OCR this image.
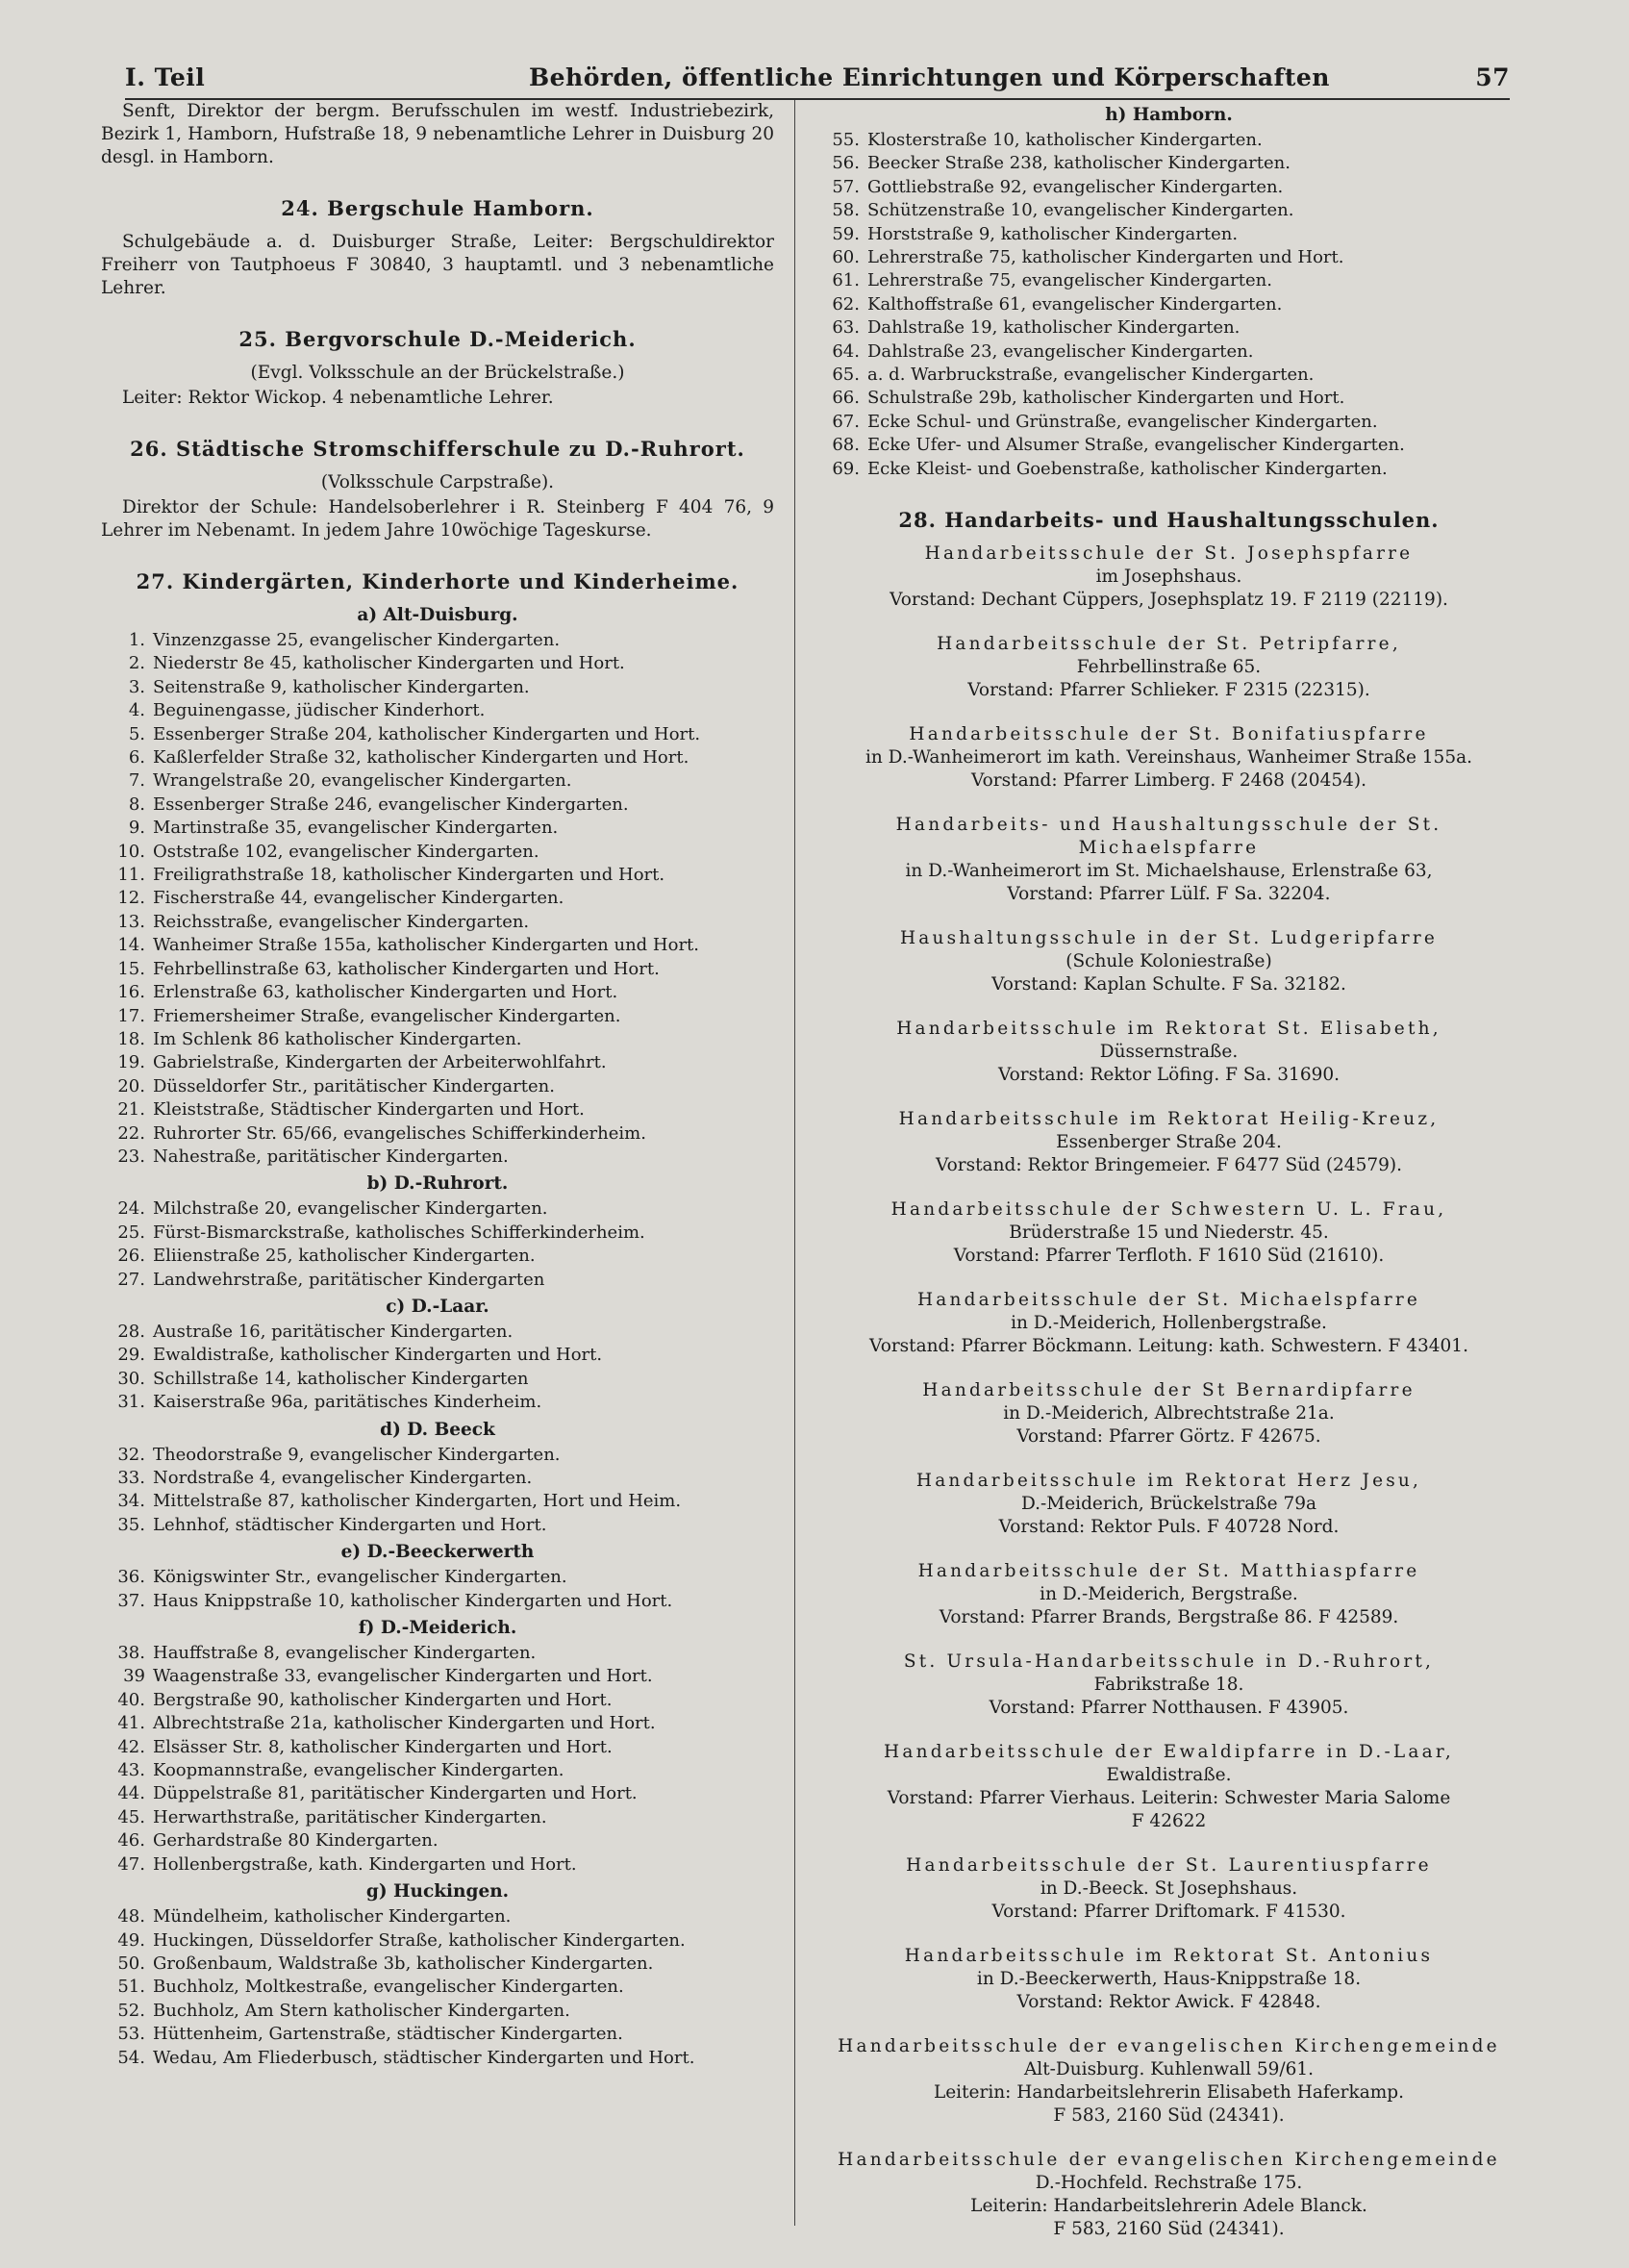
I. Teil	Behörden, öffentliche Einrichtungen und Körperschaften	57

Senft, Direktor der bergm. Berufsschulen im westf. Industriebezirk, Bezirk 1, Hamborn, Hufstraße 18, 9 nebenamtliche Lehrer in Duisburg 20 desgl. in Hamborn.

24. Bergschule Hamborn.

Schulgebäude a. d. Duisburger Straße, Leiter: Bergschuldirektor Freiherr von Tautphoeus F 30840, 3 hauptamtl. und 3 nebenamtliche Lehrer.

25. Bergvorschule D.-Meiderich.
(Evgl. Volksschule an der Brückelstraße.)

Leiter: Rektor Wickop. 4 nebenamtliche Lehrer.

26. Städtische Stromschifferschule zu D.-Ruhrort.
(Volksschule Carpstraße).

Direktor der Schule: Handelsoberlehrer i R. Steinberg F 404 76, 9 Lehrer im Nebenamt. In jedem Jahre 10wöchige Tageskurse.

27. Kindergärten, Kinderhorte und Kinderheime.
a) Alt-Duisburg.
1. Vinzenzgasse 25, evangelischer Kindergarten.
2. Niederstr 8e 45, katholischer Kindergarten und Hort.
3. Seitenstraße 9, katholischer Kindergarten.
4. Beguinengasse, jüdischer Kinderhort.
5. Essenberger Straße 204, katholischer Kindergarten und Hort.
6. Kaßlerfelder Straße 32, katholischer Kindergarten und Hort.
7. Wrangelstraße 20, evangelischer Kindergarten.
8. Essenberger Straße 246, evangelischer Kindergarten.
9. Martinstraße 35, evangelischer Kindergarten.
10. Oststraße 102, evangelischer Kindergarten.
11. Freiligrathstraße 18, katholischer Kindergarten und Hort.
12. Fischerstraße 44, evangelischer Kindergarten.
13. Reichsstraße, evangelischer Kindergarten.
14. Wanheimer Straße 155a, katholischer Kindergarten und Hort.
15. Fehrbellinstraße 63, katholischer Kindergarten und Hort.
16. Erlenstraße 63, katholischer Kindergarten und Hort.
17. Friemersheimer Straße, evangelischer Kindergarten.
18. Im Schlenk 86 katholischer Kindergarten.
19. Gabrielstraße, Kindergarten der Arbeiterwohlfahrt.
20. Düsseldorfer Str., paritätischer Kindergarten.
21. Kleiststraße, Städtischer Kindergarten und Hort.
22. Ruhrorter Str. 65/66, evangelisches Schifferkinderheim.
23. Nahestraße, paritätischer Kindergarten.
b) D.-Ruhrort.
24. Milchstraße 20, evangelischer Kindergarten.
25. Fürst-Bismarckstraße, katholisches Schifferkinderheim.
26. Eliienstraße 25, katholischer Kindergarten.
27. Landwehrstraße, paritätischer Kindergarten
c) D.-Laar.
28. Austraße 16, paritätischer Kindergarten.
29. Ewaldistraße, katholischer Kindergarten und Hort.
30. Schillstraße 14, katholischer Kindergarten
31. Kaiserstraße 96a, paritätisches Kinderheim.
d) D. Beeck
32. Theodorstraße 9, evangelischer Kindergarten.
33. Nordstraße 4, evangelischer Kindergarten.
34. Mittelstraße 87, katholischer Kindergarten, Hort und Heim.
35. Lehnhof, städtischer Kindergarten und Hort.
e) D.-Beeckerwerth
36. Königswinter Str., evangelischer Kindergarten.
37. Haus Knippstraße 10, katholischer Kindergarten und Hort.
f) D.-Meiderich.
38. Hauffstraße 8, evangelischer Kindergarten.
39 Waagenstraße 33, evangelischer Kindergarten und Hort.
40. Bergstraße 90, katholischer Kindergarten und Hort.
41. Albrechtstraße 21a, katholischer Kindergarten und Hort.
42. Elsässer Str. 8, katholischer Kindergarten und Hort.
43. Koopmannstraße, evangelischer Kindergarten.
44. Düppelstraße 81, paritätischer Kindergarten und Hort.
45. Herwarthstraße, paritätischer Kindergarten.
46. Gerhardstraße 80 Kindergarten.
47. Hollenbergstraße, kath. Kindergarten und Hort.
g) Huckingen.
48. Mündelheim, katholischer Kindergarten.
49. Huckingen, Düsseldorfer Straße, katholischer Kindergarten.
50. Großenbaum, Waldstraße 3b, katholischer Kindergarten.
51. Buchholz, Moltkestraße, evangelischer Kindergarten.
52. Buchholz, Am Stern katholischer Kindergarten.
53. Hüttenheim, Gartenstraße, städtischer Kindergarten.
54. Wedau, Am Fliederbusch, städtischer Kindergarten und Hort.
h) Hamborn.
55. Klosterstraße 10, katholischer Kindergarten.
56. Beecker Straße 238, katholischer Kindergarten.
57. Gottliebstraße 92, evangelischer Kindergarten.
58. Schützenstraße 10, evangelischer Kindergarten.
59. Horststraße 9, katholischer Kindergarten.
60. Lehrerstraße 75, katholischer Kindergarten und Hort.
61. Lehrerstraße 75, evangelischer Kindergarten.
62. Kalthoffstraße 61, evangelischer Kindergarten.
63. Dahlstraße 19, katholischer Kindergarten.
64. Dahlstraße 23, evangelischer Kindergarten.
65. a. d. Warbruckstraße, evangelischer Kindergarten.
66. Schulstraße 29b, katholischer Kindergarten und Hort.
67. Ecke Schul- und Grünstraße, evangelischer Kindergarten.
68. Ecke Ufer- und Alsumer Straße, evangelischer Kindergarten.
69. Ecke Kleist- und Goebenstraße, katholischer Kindergarten.
28. Handarbeits- und Haushaltungsschulen.
Handarbeitsschule der St. Josephspfarre
im Josephshaus.
Vorstand: Dechant Cüppers, Josephsplatz 19. F 2119 (22119).
Handarbeitsschule der St. Petripfarre,
Fehrbellinstraße 65.
Vorstand: Pfarrer Schlieker. F 2315 (22315).
Handarbeitsschule der St. Bonifatiuspfarre
in D.-Wanheimerort im kath. Vereinshaus, Wanheimer Straße 155a.
Vorstand: Pfarrer Limberg. F 2468 (20454).
Handarbeits- und Haushaltungsschule der St. Michaelspfarre
in D.-Wanheimerort im St. Michaelshause, Erlenstraße 63,
Vorstand: Pfarrer Lülf. F Sa. 32204.
Haushaltungsschule in der St. Ludgeripfarre
(Schule Koloniestraße)
Vorstand: Kaplan Schulte. F Sa. 32182.
Handarbeitsschule im Rektorat St. Elisabeth,
Düssernstraße.
Vorstand: Rektor Löfing. F Sa. 31690.
Handarbeitsschule im Rektorat Heilig-Kreuz,
Essenberger Straße 204.
Vorstand: Rektor Bringemeier. F 6477 Süd (24579).
Handarbeitsschule der Schwestern U. L. Frau,
Brüderstraße 15 und Niederstr. 45.
Vorstand: Pfarrer Terfloth. F 1610 Süd (21610).
Handarbeitsschule der St. Michaelspfarre
in D.-Meiderich, Hollenbergstraße.
Vorstand: Pfarrer Böckmann. Leitung: kath. Schwestern. F 43401.
Handarbeitsschule der St Bernardipfarre
in D.-Meiderich, Albrechtstraße 21a.
Vorstand: Pfarrer Görtz. F 42675.
Handarbeitsschule im Rektorat Herz Jesu,
D.-Meiderich, Brückelstraße 79a
Vorstand: Rektor Puls. F 40728 Nord.
Handarbeitsschule der St. Matthiaspfarre
in D.-Meiderich, Bergstraße.
Vorstand: Pfarrer Brands, Bergstraße 86. F 42589.
St. Ursula-Handarbeitsschule in D.-Ruhrort,
Fabrikstraße 18.
Vorstand: Pfarrer Notthausen. F 43905.
Handarbeitsschule der Ewaldipfarre in D.-Laar,
Ewaldistraße.
Vorstand: Pfarrer Vierhaus. Leiterin: Schwester Maria Salome
F 42622
Handarbeitsschule der St. Laurentiuspfarre
in D.-Beeck. St Josephshaus.
Vorstand: Pfarrer Driftomark. F 41530.
Handarbeitsschule im Rektorat St. Antonius
in D.-Beeckerwerth, Haus-Knippstraße 18.
Vorstand: Rektor Awick. F 42848.
Handarbeitsschule der evangelischen Kirchengemeinde
Alt-Duisburg. Kuhlenwall 59/61.
Leiterin: Handarbeitslehrerin Elisabeth Haferkamp.
F 583, 2160 Süd (24341).
Handarbeitsschule der evangelischen Kirchengemeinde
D.-Hochfeld. Rechstraße 175.
Leiterin: Handarbeitslehrerin Adele Blanck.
F 583, 2160 Süd (24341).
